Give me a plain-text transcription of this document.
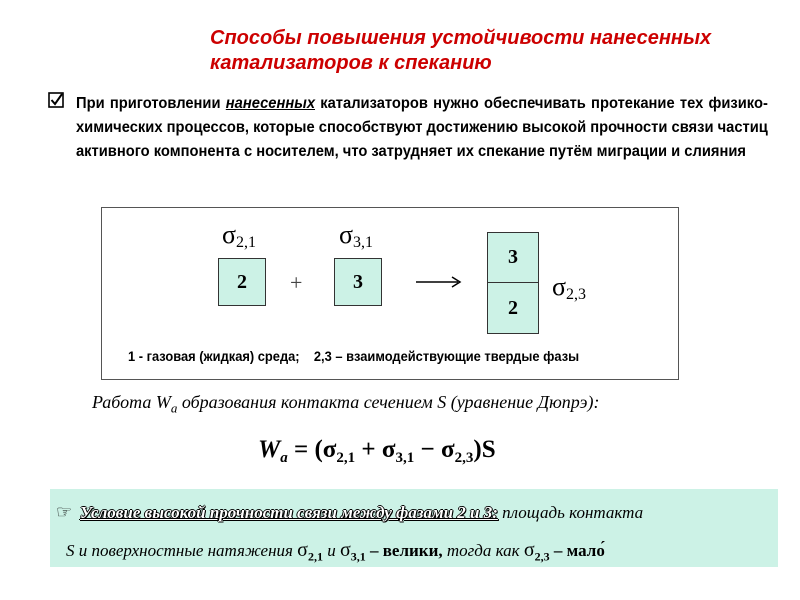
Способы повышения устойчивости нанесенных
катализаторов к спеканию
При приготовлении нанесенных катализаторов нужно обеспечивать протекание тех физико-химических процессов, которые способствуют достижению высокой прочности связи частиц активного компонента с носителем, что затрудняет их спекание путём миграции и слияния
$\sigma_{2,1}$	$\sigma_{3,1}$
2	+	3
3
2
$\sigma_{2,3}$
1 - газовая (жидкая) среда;    2,3 – взаимодействующие твердые фазы
Работа $W_a$ образования контакта сечением S (уравнение Дюпрэ):
$W_a = (\sigma_{2,1} + \sigma_{3,1} - \sigma_{2,3})S$
☞ Условие высокой прочности связи между фазами 2 и 3: площадь контакта
S и поверхностные натяжения $\sigma_{2,1}$ и $\sigma_{3,1}$ – велики, тогда как $\sigma_{2,3}$ – мало́
